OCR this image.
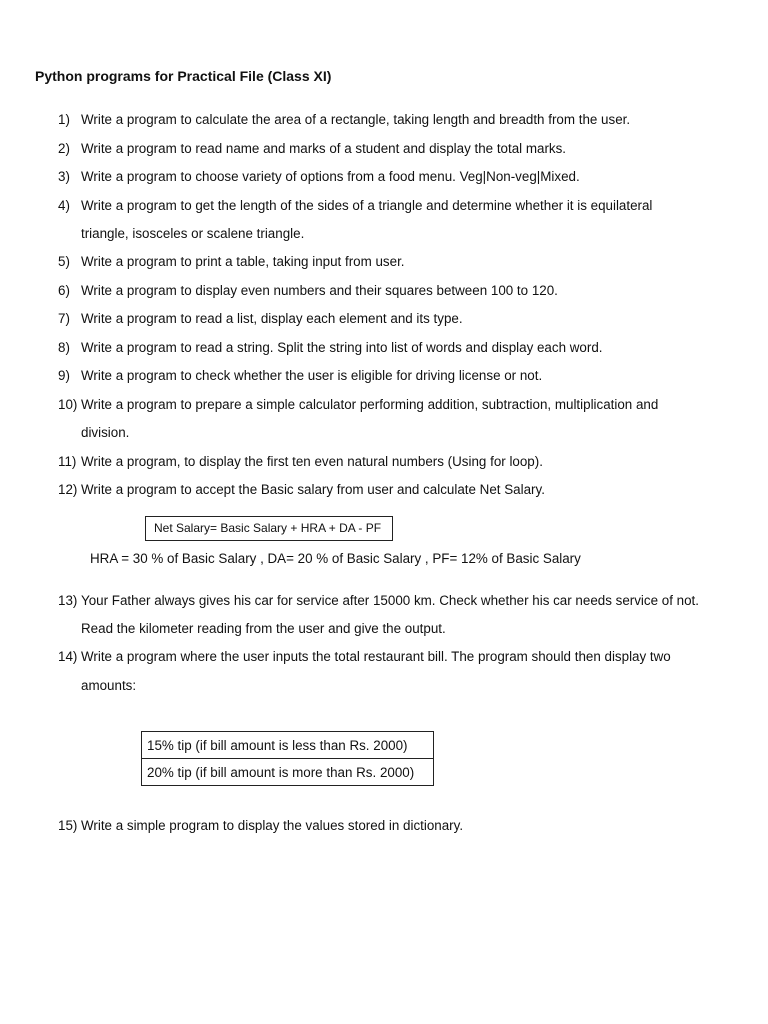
Python programs for Practical File (Class XI)
1) Write a program to calculate the area of a rectangle, taking length and breadth from the user.
2) Write a program to read name and marks of a student and display the total marks.
3) Write a program to choose variety of options from a food menu. Veg|Non-veg|Mixed.
4) Write a program to get the length of the sides of a triangle and determine whether it is equilateral
triangle, isosceles or scalene triangle.
5) Write a program to print a table, taking input from user.
6) Write a program to display even numbers and their squares between 100 to 120.
7) Write a program to read a list, display each element and its type.
8) Write a program to read a string. Split the string into list of words and display each word.
9) Write a program to check whether the user is eligible for driving license or not.
10) Write a program to prepare a simple calculator performing addition, subtraction, multiplication and
division.
11) Write a program, to display the first ten even natural numbers (Using for loop).
12) Write a program to accept the Basic salary from user and calculate Net Salary.
Net Salary= Basic Salary + HRA + DA - PF
HRA = 30 % of Basic Salary , DA= 20 % of Basic Salary , PF= 12% of Basic Salary
13) Your Father always gives his car for service after 15000 km. Check whether his car needs service of not.
Read the kilometer reading from the user and give the output.
14) Write a program where the user inputs the total restaurant bill. The program should then display two
amounts:
15% tip (if bill amount is less than Rs. 2000)
20% tip (if bill amount is more than Rs. 2000)
15) Write a simple program to display the values stored in dictionary.
